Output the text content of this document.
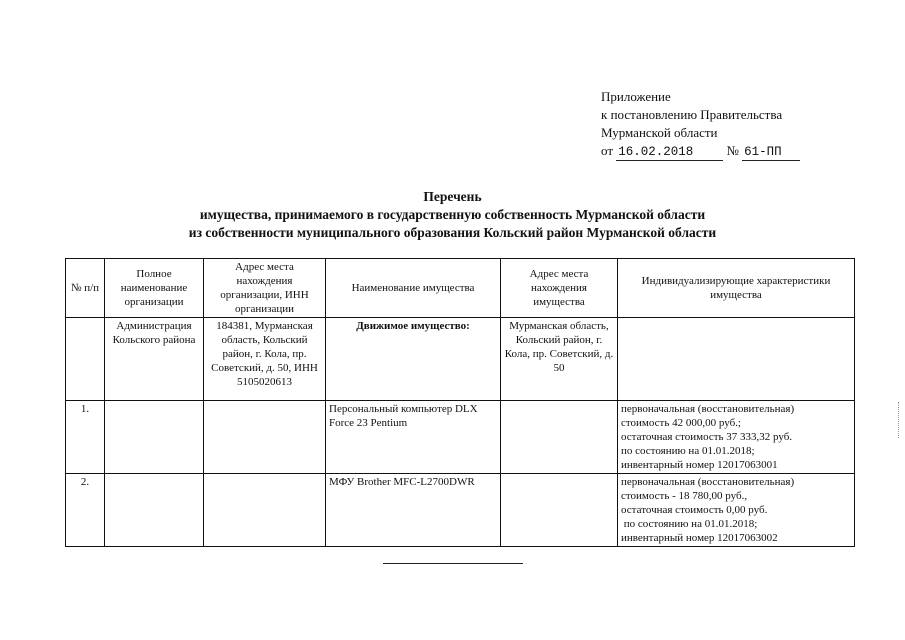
Приложение
к постановлению Правительства
Мурманской области
от 16.02.2018	№ 61-ПП
Перечень
имущества, принимаемого в государственную собственность Мурманской области
из собственности муниципального образования Кольский район Мурманской области
№ п/п	Полное наименование организации	Адрес места нахождения организации, ИНН организации	Наименование имущества	Адрес места нахождения имущества	Индивидуализирующие характеристики имущества
	Администрация Кольского района	184381, Мурманская область, Кольский район, г. Кола, пр. Советский, д. 50, ИНН 5105020613	Движимое имущество:	Мурманская область, Кольский район, г. Кола, пр. Советский, д. 50	
1.			Персональный компьютер DLX Force 23 Pentium		первоначальная (восстановительная)
стоимость 42 000,00 руб.;
остаточная стоимость 37 333,32 руб.
по состоянию на 01.01.2018;
инвентарный номер 12017063001

2.			МФУ Brother MFC-L2700DWR		первоначальная (восстановительная)
стоимость - 18 780,00 руб.,
остаточная стоимость 0,00 руб.
по состоянию на 01.01.2018;
инвентарный номер 12017063002
